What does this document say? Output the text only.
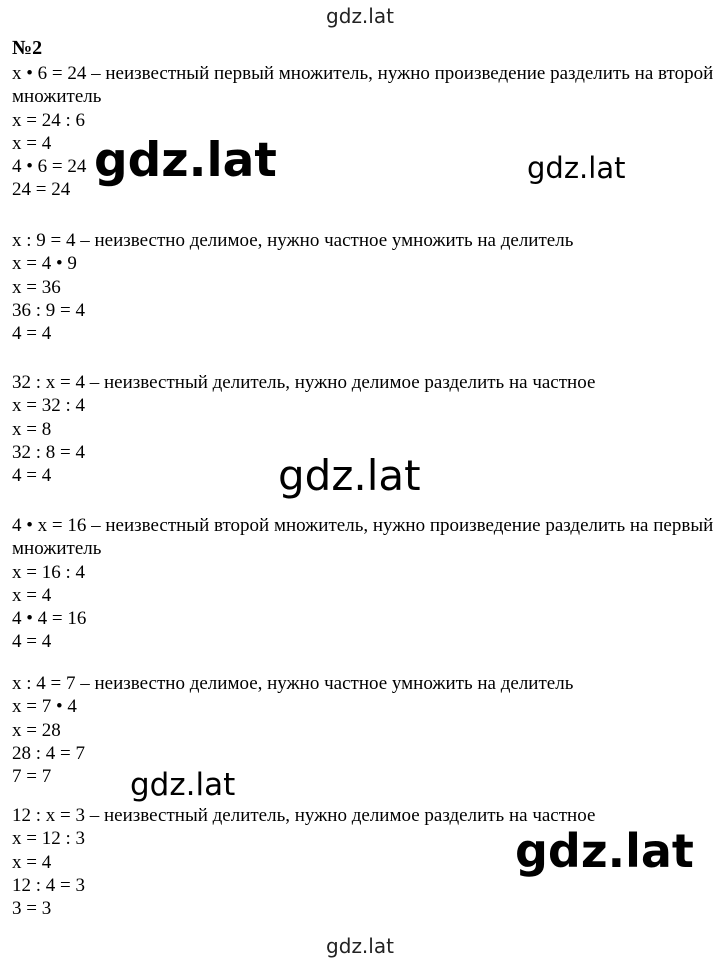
gdz.lat
№2
x • 6 = 24 – неизвестный первый множитель, нужно произведение разделить на второй множитель
x = 24 : 6
x = 4
4 • 6 = 24
24 = 24
x : 9 = 4 – неизвестно делимое, нужно частное умножить на делитель
x = 4 • 9
x = 36
36 : 9 = 4
4 = 4
32 : x = 4 – неизвестный делитель, нужно делимое разделить на частное
x = 32 : 4
x = 8
32 : 8 = 4
4 = 4
4 • x = 16 – неизвестный второй множитель, нужно произведение разделить на первый множитель
x = 16 : 4
x = 4
4 • 4 = 16
4 = 4
x : 4 = 7 – неизвестно делимое, нужно частное умножить на делитель
x = 7 • 4
x = 28
28 : 4 = 7
7 = 7
12 : x = 3 – неизвестный делитель, нужно делимое разделить на частное
x = 12 : 3
x = 4
12 : 4 = 3
3 = 3
gdz.lat	gdz.lat
gdz.lat
gdz.lat
gdz.lat
gdz.lat
